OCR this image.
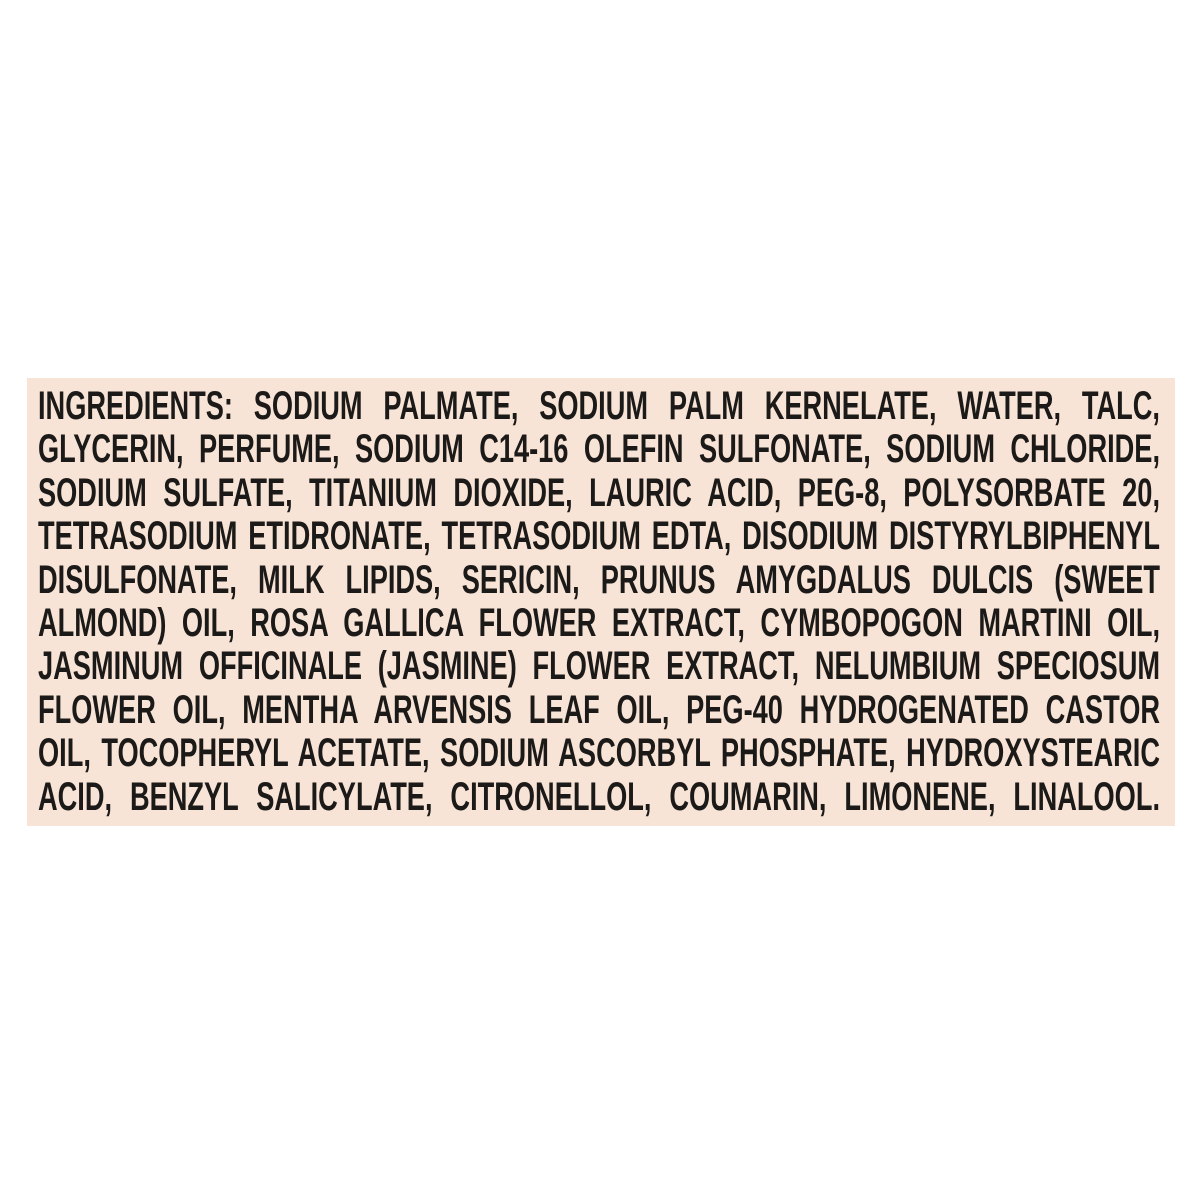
INGREDIENTS: SODIUM PALMATE, SODIUM PALM KERNELATE, WATER, TALC,
GLYCERIN, PERFUME, SODIUM C14-16 OLEFIN SULFONATE, SODIUM CHLORIDE,
SODIUM SULFATE, TITANIUM DIOXIDE, LAURIC ACID, PEG-8, POLYSORBATE 20,
TETRASODIUM ETIDRONATE, TETRASODIUM EDTA, DISODIUM DISTYRYLBIPHENYL
DISULFONATE, MILK LIPIDS, SERICIN, PRUNUS AMYGDALUS DULCIS (SWEET
ALMOND) OIL, ROSA GALLICA FLOWER EXTRACT, CYMBOPOGON MARTINI OIL,
JASMINUM OFFICINALE (JASMINE) FLOWER EXTRACT, NELUMBIUM SPECIOSUM
FLOWER OIL, MENTHA ARVENSIS LEAF OIL, PEG-40 HYDROGENATED CASTOR
OIL, TOCOPHERYL ACETATE, SODIUM ASCORBYL PHOSPHATE, HYDROXYSTEARIC
ACID, BENZYL SALICYLATE, CITRONELLOL, COUMARIN, LIMONENE, LINALOOL.
